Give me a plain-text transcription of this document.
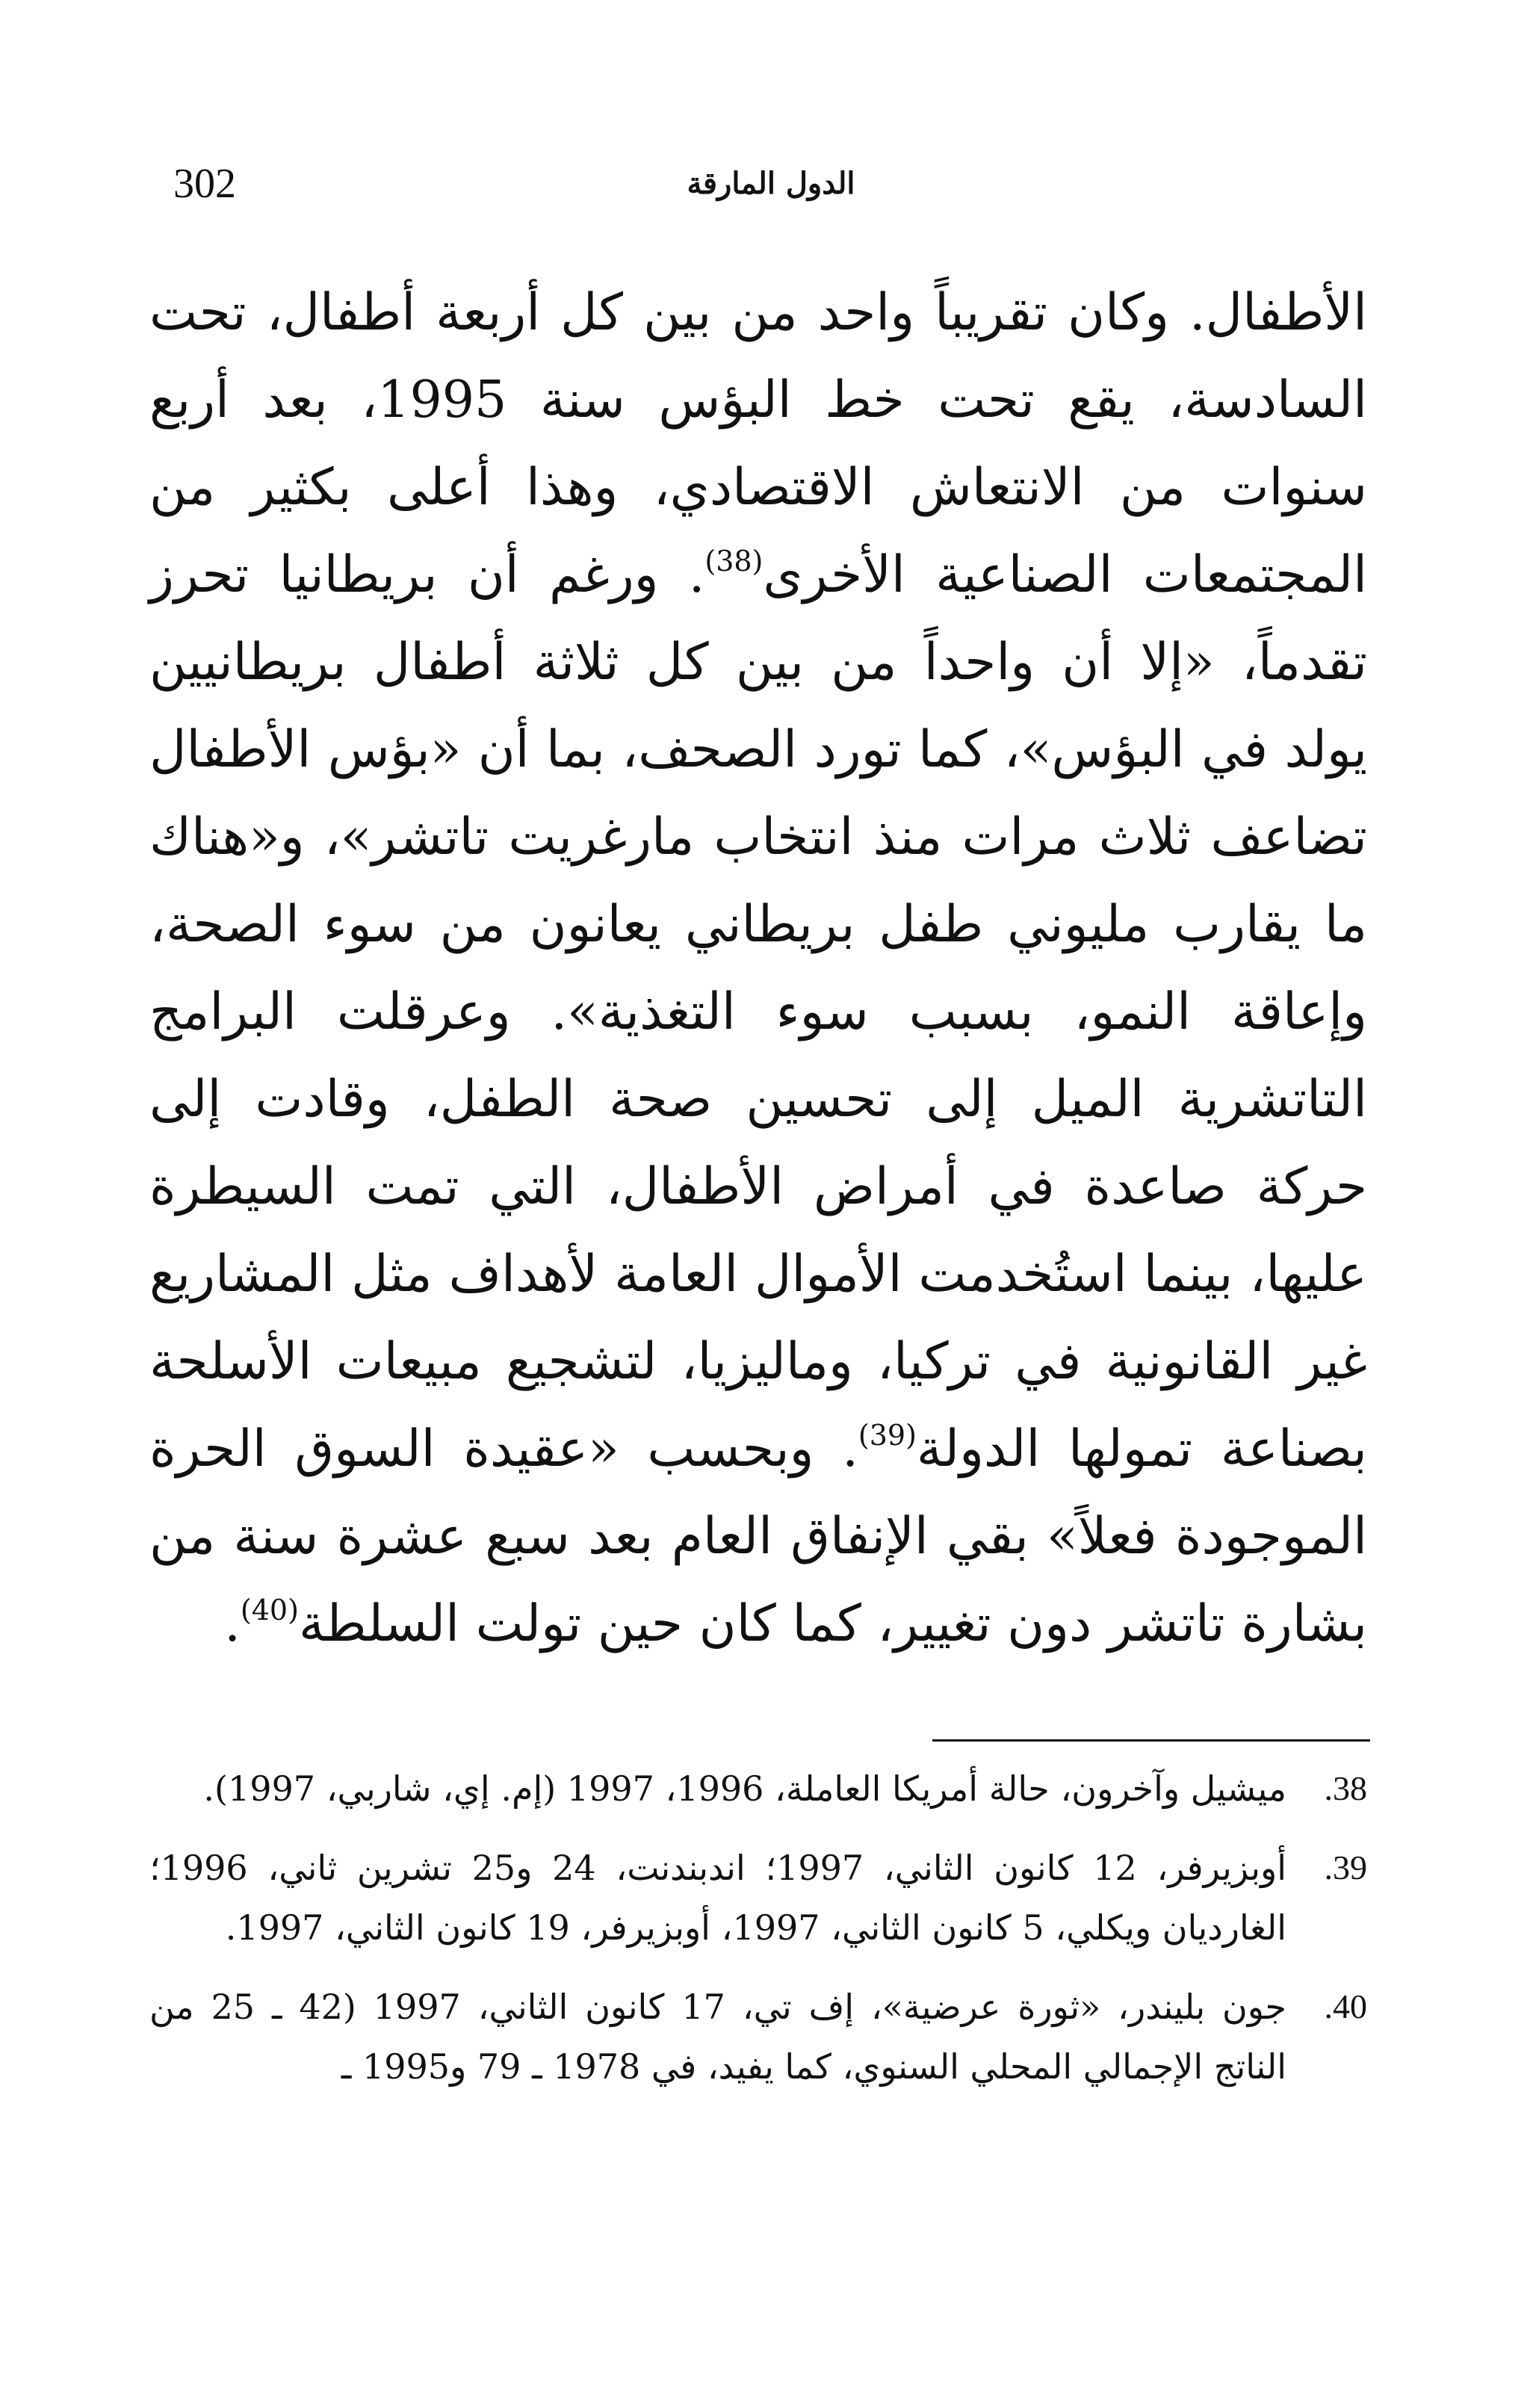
302	الدول المارقة
الأطفال. وكان تقريباً واحد من بين كل أربعة أطفال، تحت السادسة، يقع تحت خط البؤس سنة 1995، بعد أربع سنوات من الانتعاش الاقتصادي، وهذا أعلى بكثير من المجتمعات الصناعية الأخرى$^{(38)}$. ورغم أن بريطانيا تحرز تقدماً، «إلا أن واحداً من بين كل ثلاثة أطفال بريطانيين يولد في البؤس»، كما تورد الصحف، بما أن «بؤس الأطفال تضاعف ثلاث مرات منذ انتخاب مارغريت تاتشر»، و«هناك ما يقارب مليوني طفل بريطاني يعانون من سوء الصحة، وإعاقة النمو، بسبب سوء التغذية». وعرقلت البرامج التاتشرية الميل إلى تحسين صحة الطفل، وقادت إلى حركة صاعدة في أمراض الأطفال، التي تمت السيطرة عليها، بينما استُخدمت الأموال العامة لأهداف مثل المشاريع غير القانونية في تركيا، وماليزيا، لتشجيع مبيعات الأسلحة بصناعة تمولها الدولة$^{(39)}$. وبحسب «عقيدة السوق الحرة الموجودة فعلاً» بقي الإنفاق العام بعد سبع عشرة سنة من بشارة تاتشر دون تغيير، كما كان حين تولت السلطة$^{(40)}$.
.38
ميشيل وآخرون، حالة أمريكا العاملة، 1996، 1997 (إم. إي، شاربي، 1997).
.39
أوبزيرفر، 12 كانون الثاني، 1997؛ اندبندنت، 24 و25 تشرين ثاني، 1996؛ الغارديان ويكلي، 5 كانون الثاني، 1997، أوبزيرفر، 19 كانون الثاني، 1997.
.40
جون بليندر، «ثورة عرضية»، إف تي، 17 كانون الثاني، 1997 (42 ـ 25 من الناتج الإجمالي المحلي السنوي، كما يفيد، في 1978 ـ 79 و1995 ـ
